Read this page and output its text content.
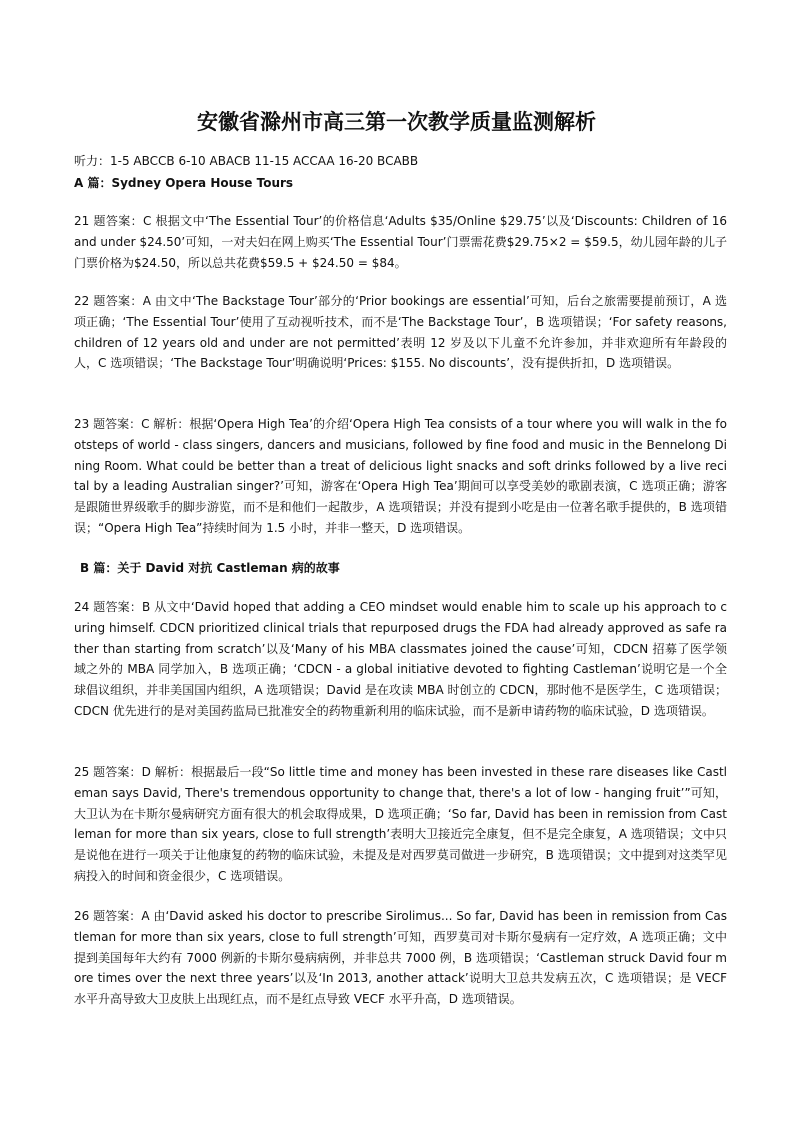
安徽省滁州市高三第一次教学质量监测解析
听力：1-5 ABCCB 6-10 ABACB 11-15 ACCAA 16-20 BCABB
A 篇：Sydney Opera House Tours

21 题答案：C 根据文中‘The Essential Tour’的价格信息‘Adults $35/Online $29.75’以及‘Discounts: Children of 16 and under $24.50’可知，一对夫妇在网上购买‘The Essential Tour’门票需花费$29.75×2 = $59.5，幼儿园年龄的儿子门票价格为$24.50，所以总共花费$59.5 + $24.50 = $84。

22 题答案：A 由文中‘The Backstage Tour’部分的‘Prior bookings are essential’可知，后台之旅需要提前预订，A 选项正确；‘The Essential Tour’使用了互动视听技术，而不是‘The Backstage Tour’，B 选项错误；‘For safety reasons, children of 12 years old and under are not permitted’表明 12 岁及以下儿童不允许参加，并非欢迎所有年龄段的人，C 选项错误；‘The Backstage Tour’明确说明‘Prices: $155. No discounts’，没有提供折扣，D 选项错误。

23 题答案：C 解析：根据‘Opera High Tea’的介绍‘Opera High Tea consists of a tour where you will walk in the footsteps of world - class singers, dancers and musicians, followed by fine food and music in the Bennelong Dining Room. What could be better than a treat of delicious light snacks and soft drinks followed by a live recital by a leading Australian singer?’可知，游客在‘Opera High Tea’期间可以享受美妙的歌剧表演，C 选项正确；游客是跟随世界级歌手的脚步游览，而不是和他们一起散步，A 选项错误；并没有提到小吃是由一位著名歌手提供的，B 选项错误；“Opera High Tea”持续时间为 1.5 小时，并非一整天，D 选项错误。

B 篇：关于 David 对抗 Castleman 病的故事

24 题答案：B 从文中‘David hoped that adding a CEO mindset would enable him to scale up his approach to curing himself. CDCN prioritized clinical trials that repurposed drugs the FDA had already approved as safe rather than starting from scratch’以及‘Many of his MBA classmates joined the cause’可知，CDCN 招募了医学领域之外的 MBA 同学加入，B 选项正确；‘CDCN - a global initiative devoted to fighting Castleman’说明它是一个全球倡议组织，并非美国国内组织，A 选项错误；David 是在攻读 MBA 时创立的 CDCN，那时他不是医学生，C 选项错误；CDCN 优先进行的是对美国药监局已批准安全的药物重新利用的临床试验，而不是新申请药物的临床试验，D 选项错误。

25 题答案：D 解析：根据最后一段“So little time and money has been invested in these rare diseases like Castleman says David, There's tremendous opportunity to change that, there's a lot of low - hanging fruit’”可知，大卫认为在卡斯尔曼病研究方面有很大的机会取得成果，D 选项正确；‘So far, David has been in remission from Castleman for more than six years, close to full strength’表明大卫接近完全康复，但不是完全康复，A 选项错误；文中只是说他在进行一项关于让他康复的药物的临床试验，未提及是对西罗莫司做进一步研究，B 选项错误；文中提到对这类罕见病投入的时间和资金很少，C 选项错误。

26 题答案：A 由‘David asked his doctor to prescribe Sirolimus... So far, David has been in remission from Castleman for more than six years, close to full strength’可知，西罗莫司对卡斯尔曼病有一定疗效，A 选项正确；文中提到美国每年大约有 7000 例新的卡斯尔曼病病例，并非总共 7000 例，B 选项错误；‘Castleman struck David four more times over the next three years’以及‘In 2013, another attack’说明大卫总共发病五次，C 选项错误；是 VECF 水平升高导致大卫皮肤上出现红点，而不是红点导致 VECF 水平升高，D 选项错误。
